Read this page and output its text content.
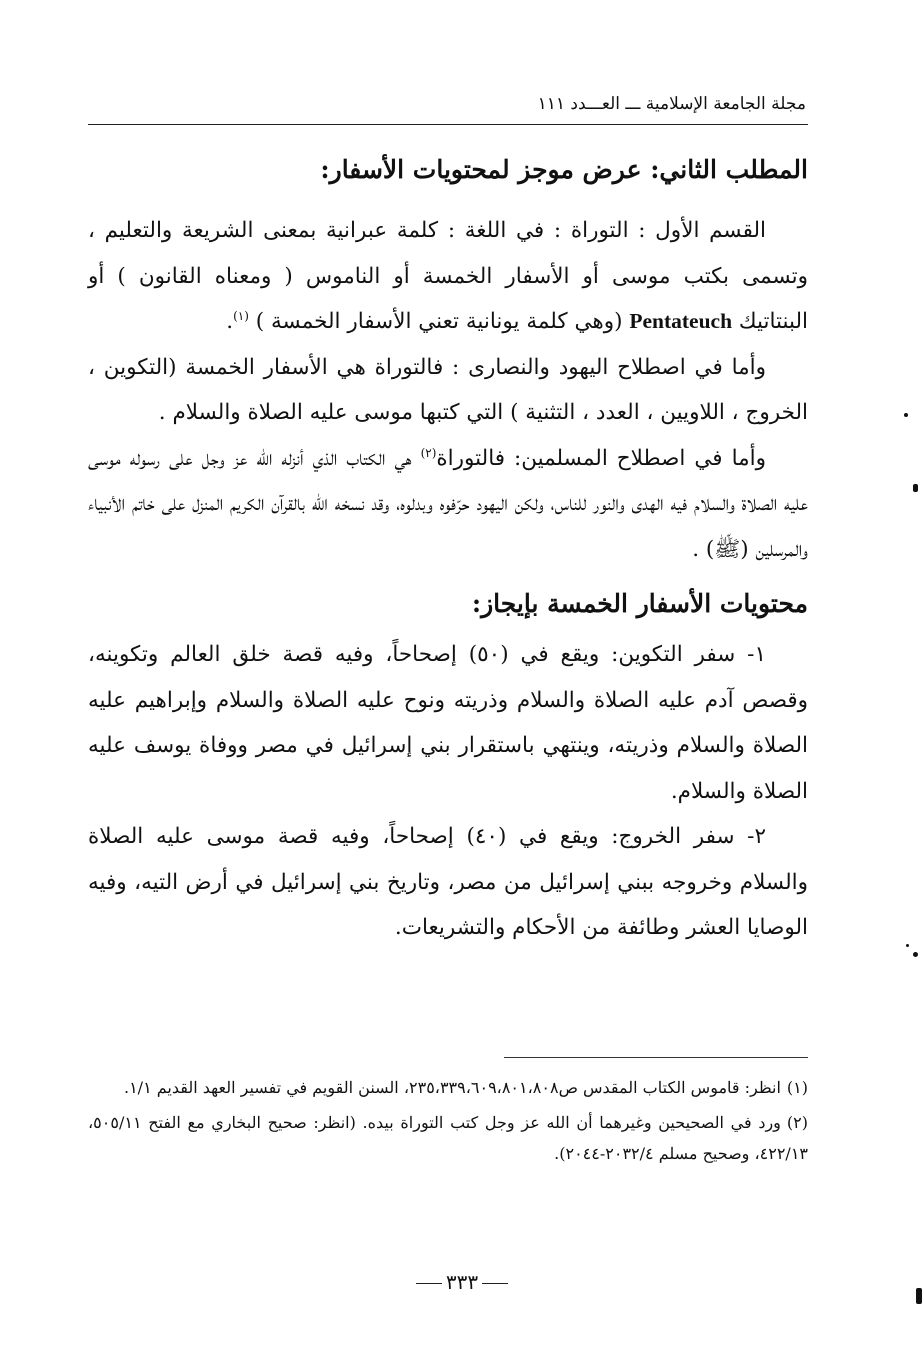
مجلة الجامعة الإسلامية ـــ العـــدد ١١١
المطلب الثاني: عرض موجز لمحتويات الأسفار:

القسم الأول : التوراة : في اللغة : كلمة عبرانية بمعنى الشريعة والتعليم ، وتسمى بكتب موسى أو الأسفار الخمسة أو الناموس ( ومعناه القانون ) أو البنتاتيك Pentateuch (وهي كلمة يونانية تعني الأسفار الخمسة ) $^{(١)}$.

وأما في اصطلاح اليهود والنصارى : فالتوراة هي الأسفار الخمسة (التكوين ، الخروج ، اللاويين ، العدد ، التثنية ) التي كتبها موسى عليه الصلاة والسلام .

وأما في اصطلاح المسلمين: فالتوراة$^{(٢)}$ هي الكتاب الذي أنزله الله عز وجل على رسوله موسى عليه الصلاة والسلام فيه الهدى والنور للناس، ولكن اليهود حرّفوه وبدلوه، وقد نسخه الله بالقرآن الكريم المنزل على خاتم الأنبياء والمرسلين (ﷺ) .

محتويات الأسفار الخمسة بإيجاز:

١- سفر التكوين: ويقع في (٥٠) إصحاحاً، وفيه قصة خلق العالم وتكوينه، وقصص آدم عليه الصلاة والسلام وذريته ونوح عليه الصلاة والسلام وإبراهيم عليه الصلاة والسلام وذريته، وينتهي باستقرار بني إسرائيل في مصر ووفاة يوسف عليه الصلاة والسلام.

٢- سفر الخروج: ويقع في (٤٠) إصحاحاً، وفيه قصة موسى عليه الصلاة والسلام وخروجه ببني إسرائيل من مصر، وتاريخ بني إسرائيل في أرض التيه، وفيه الوصايا العشر وطائفة من الأحكام والتشريعات.

(١)انظر: قاموس الكتاب المقدس ص٢٣٥،٣٣٩،٦٠٩،٨٠١،٨٠٨، السنن القويم في تفسير العهد القديم ١/١.

(٢)ورد في الصحيحين وغيرهما أن الله عز وجل كتب التوراة بيده. (انظر: صحيح البخاري مع الفتح ٥٠٥/١١، ٤٢٢/١٣، وصحيح مسلم ٢٠٣٢/٤-٢٠٤٤).

٣٣٣
